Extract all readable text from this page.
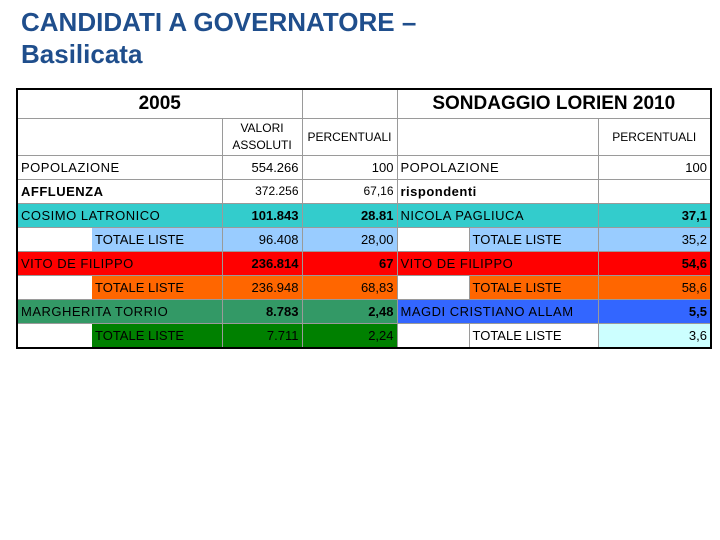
CANDIDATI A GOVERNATORE –
Basilicata
2005				SONDAGGIO LORIEN 2010		
		VALORI
ASSOLUTI	PERCENTUALI			PERCENTUALI
POPOLAZIONE		554.266	100	POPOLAZIONE		100
AFFLUENZA		372.256	67,16	rispondenti		
COSIMO LATRONICO		101.843	28.81	NICOLA PAGLIUCA		37,1
	TOTALE LISTE	96.408	28,00		TOTALE LISTE	35,2
VITO DE FILIPPO		236.814	67	VITO DE FILIPPO		54,6
	TOTALE LISTE	236.948	68,83		TOTALE LISTE	58,6
MARGHERITA TORRIO		8.783	2,48	MAGDI CRISTIANO ALLAM		5,5
	TOTALE LISTE	7.711	2,24		TOTALE LISTE	3,6
